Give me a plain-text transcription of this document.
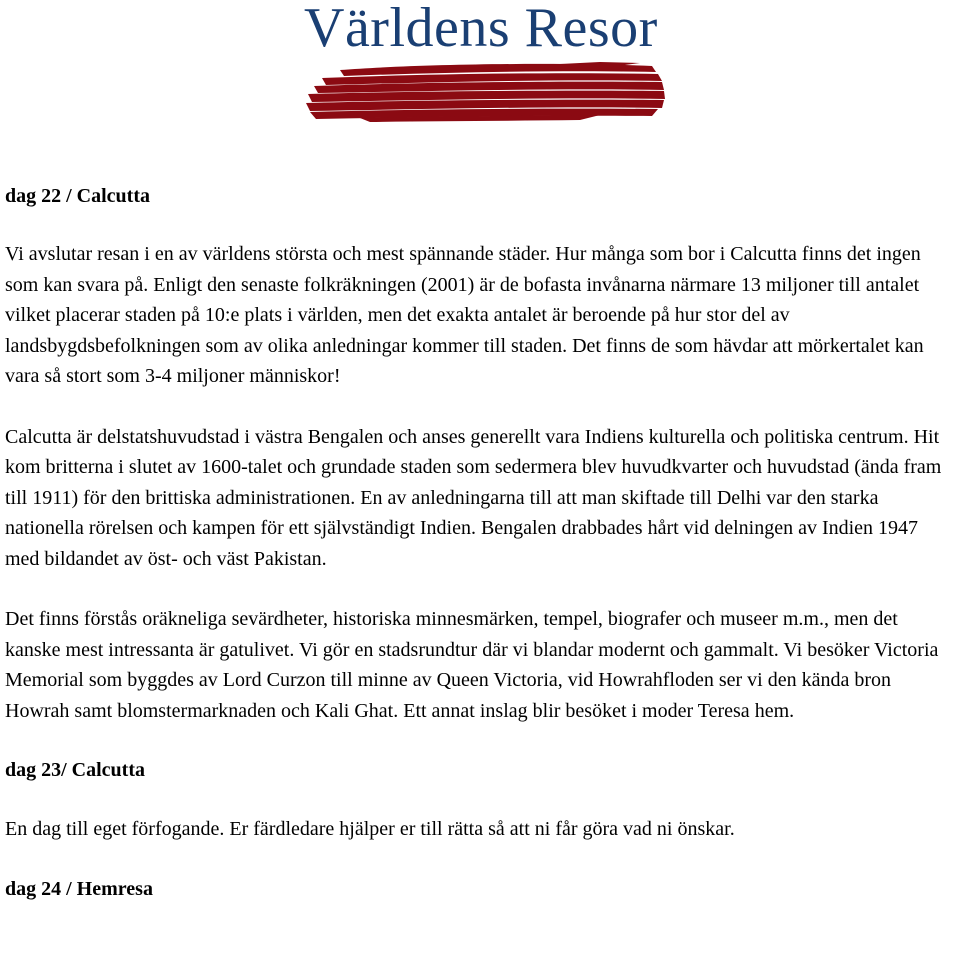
Världens Resor

dag 22 / Calcutta

Vi avslutar resan i en av världens största och mest spännande städer. Hur många som bor i Calcutta finns det ingen som kan svara på. Enligt den senaste folkräkningen (2001) är de bofasta invånarna närmare 13 miljoner till antalet vilket placerar staden på 10:e plats i världen, men det exakta antalet är beroende på hur stor del av landsbygdsbefolkningen som av olika anledningar kommer till staden. Det finns de som hävdar att mörkertalet kan vara så stort som 3-4 miljoner människor!

Calcutta är delstatshuvudstad i västra Bengalen och anses generellt vara Indiens kulturella och politiska centrum. Hit kom britterna i slutet av 1600-talet och grundade staden som sedermera blev huvudkvarter och huvudstad (ända fram till 1911) för den brittiska administrationen. En av anledningarna till att man skiftade till Delhi var den starka nationella rörelsen och kampen för ett självständigt Indien. Bengalen drabbades hårt vid delningen av Indien 1947 med bildandet av öst- och väst Pakistan.

Det finns förstås oräkneliga sevärdheter, historiska minnesmärken, tempel, biografer och museer m.m., men det kanske mest intressanta är gatulivet. Vi gör en stadsrundtur där vi blandar modernt och gammalt. Vi besöker Victoria Memorial som byggdes av Lord Curzon till minne av Queen Victoria, vid Howrahfloden ser vi den kända bron Howrah samt blomstermarknaden och Kali Ghat. Ett annat inslag blir besöket i moder Teresa hem.

dag 23/ Calcutta

En dag till eget förfogande. Er färdledare hjälper er till rätta så att ni får göra vad ni önskar.

dag 24 / Hemresa
